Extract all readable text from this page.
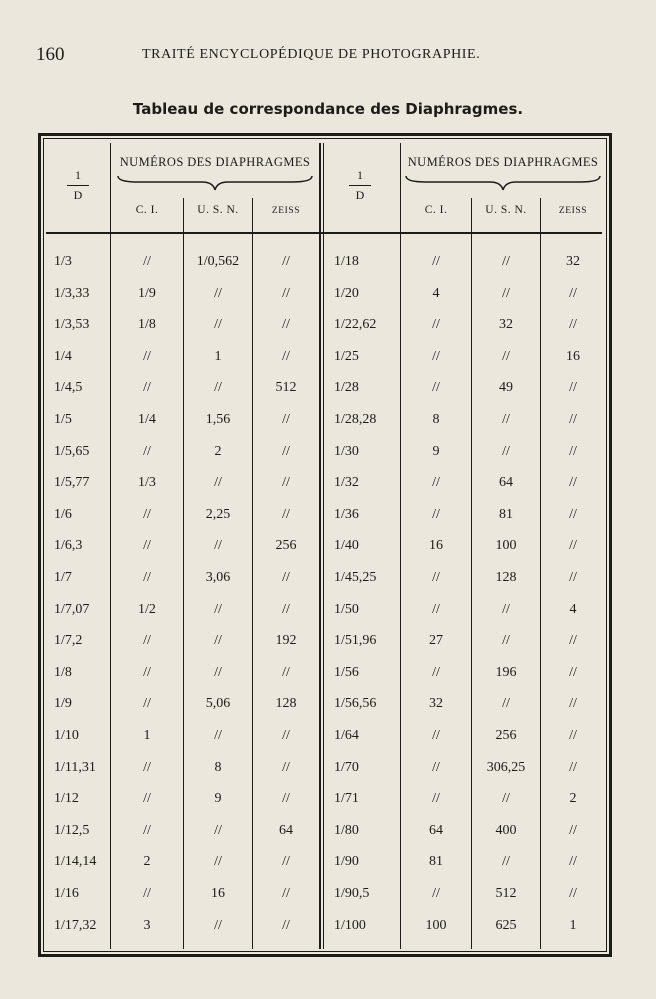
160	TRAITÉ ENCYCLOPÉDIQUE DE PHOTOGRAPHIE.
Tableau de correspondance des Diaphragmes.
1
D
NUMÉROS DES DIAPHRAGMES
C. I.	U. S. N.	ZEISS
1
D
NUMÉROS DES DIAPHRAGMES
C. I.	U. S. N.	ZEISS
1/3	//	1/0,562	//	1/18	//	//	32
1/3,33	1/9	//	//	1/20	4	//	//
1/3,53	1/8	//	//	1/22,62	//	32	//
1/4	//	1	//	1/25	//	//	16
1/4,5	//	//	512	1/28	//	49	//
1/5	1/4	1,56	//	1/28,28	8	//	//
1/5,65	//	2	//	1/30	9	//	//
1/5,77	1/3	//	//	1/32	//	64	//
1/6	//	2,25	//	1/36	//	81	//
1/6,3	//	//	256	1/40	16	100	//
1/7	//	3,06	//	1/45,25	//	128	//
1/7,07	1/2	//	//	1/50	//	//	4
1/7,2	//	//	192	1/51,96	27	//	//
1/8	//	//	//	1/56	//	196	//
1/9	//	5,06	128	1/56,56	32	//	//
1/10	1	//	//	1/64	//	256	//
1/11,31	//	8	//	1/70	//	306,25	//
1/12	//	9	//	1/71	//	//	2
1/12,5	//	//	64	1/80	64	400	//
1/14,14	2	//	//	1/90	81	//	//
1/16	//	16	//	1/90,5	//	512	//
1/17,32	3	//	//	1/100	100	625	1
